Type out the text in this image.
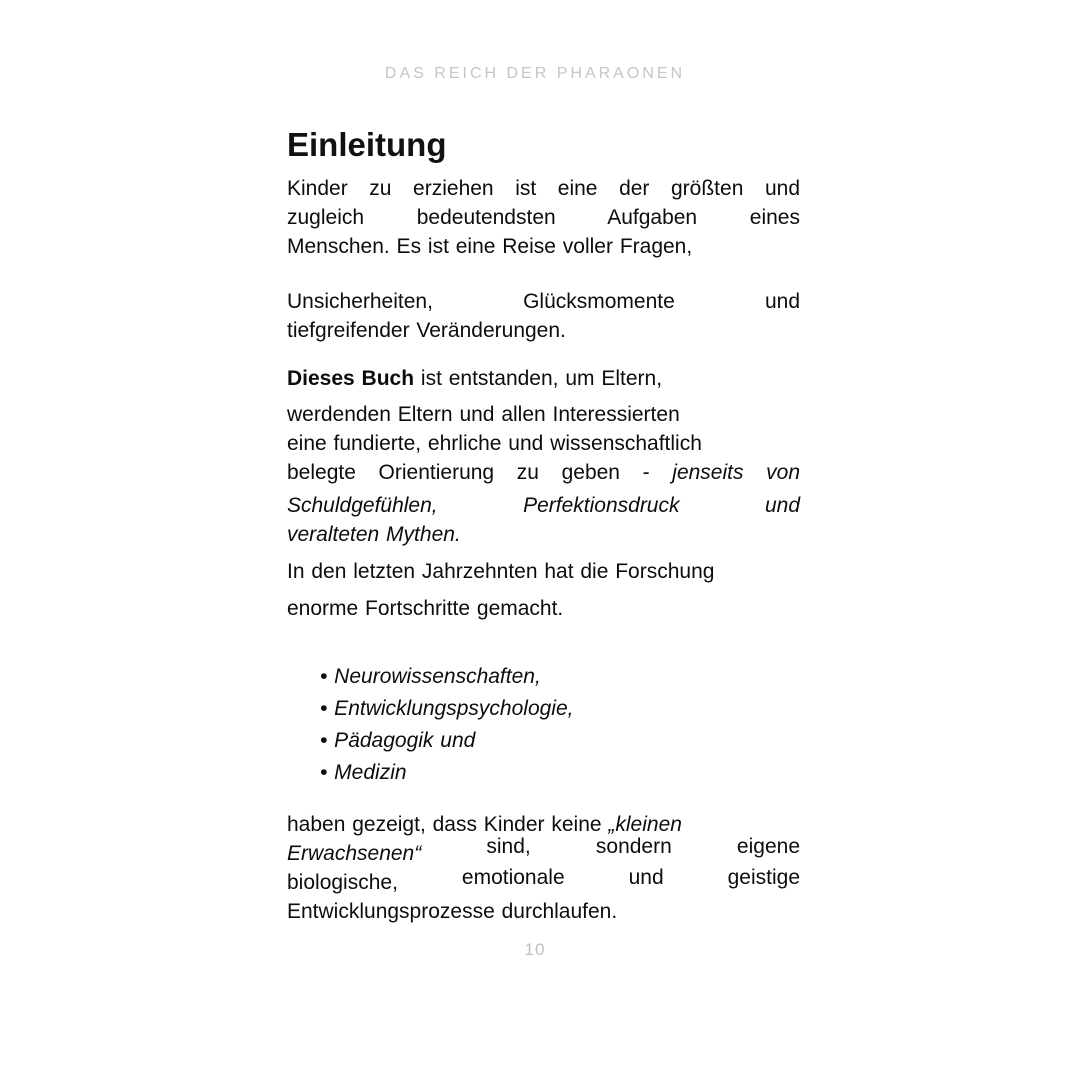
DAS REICH DER PHARAONEN
Einleitung
Kinder zu erziehen ist eine der größten und
zugleich bedeutendsten Aufgaben eines
Menschen. Es ist eine Reise voller Fragen,
Unsicherheiten, Glücksmomente und
tiefgreifender Veränderungen.
Dieses Buch ist entstanden, um Eltern,
werdenden Eltern und allen Interessierten
eine fundierte, ehrliche und wissenschaftlich
belegte Orientierung zu geben - jenseits von
Schuldgefühlen, Perfektionsdruck und
veralteten Mythen.
In den letzten Jahrzehnten hat die Forschung
enorme Fortschritte gemacht.
• Neurowissenschaften,
• Entwicklungspsychologie,
• Pädagogik und
• Medizin
haben gezeigt, dass Kinder keine „kleinen
Erwachsenen“	sind, sondern eigene
biologische,	emotionale und geistige
Entwicklungsprozesse durchlaufen.
10
